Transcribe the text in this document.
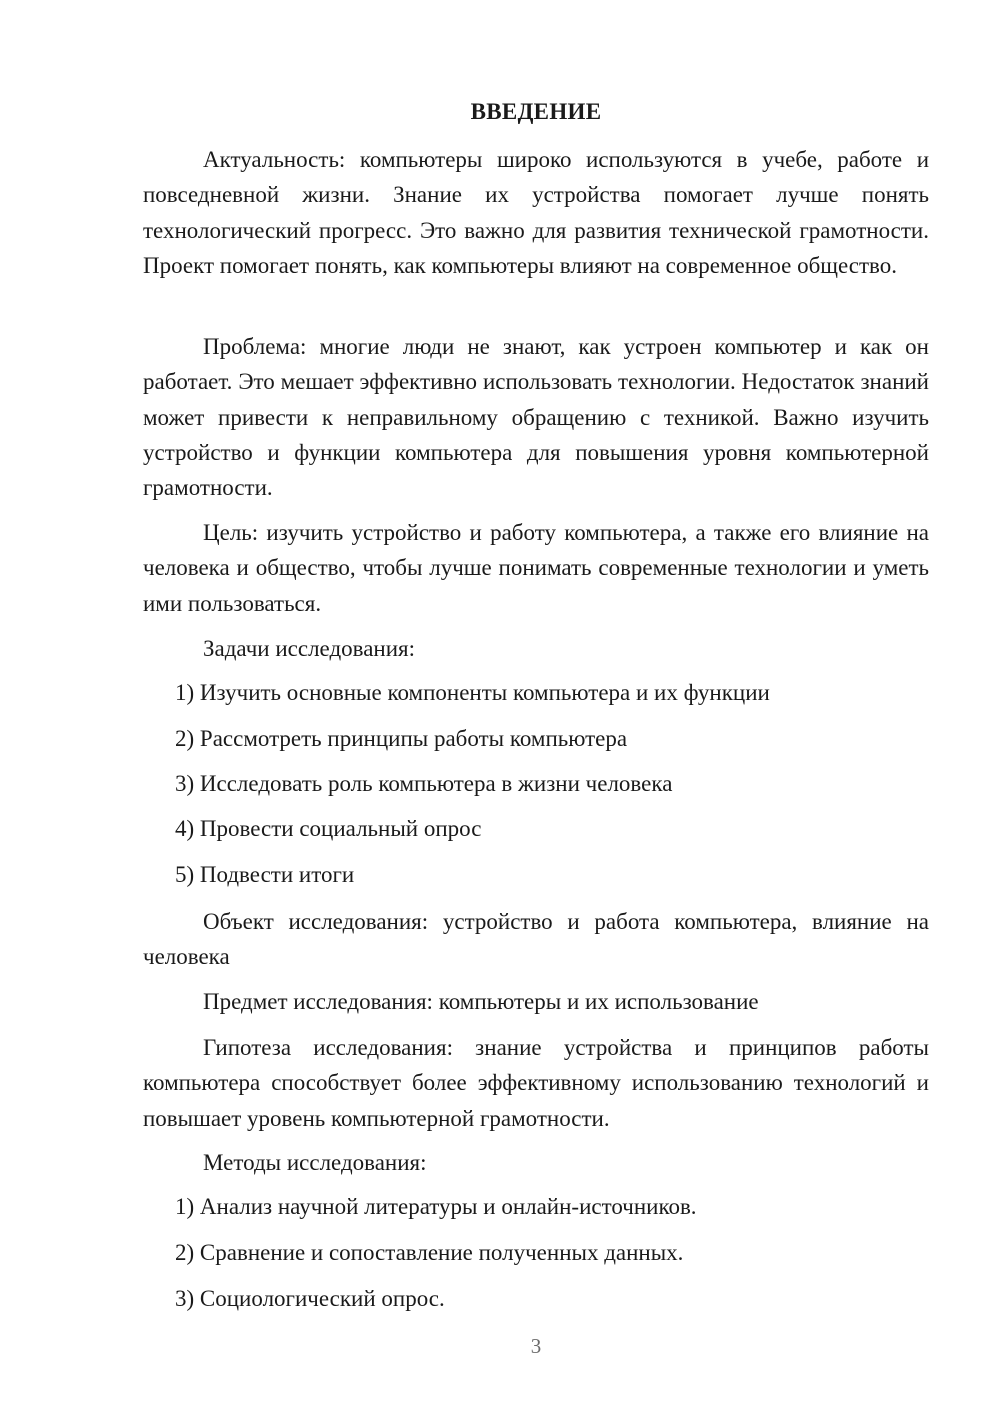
ВВЕДЕНИЕ

Актуальность: компьютеры широко используются в учебе, работе и повседневной жизни. Знание их устройства помогает лучше понять технологический прогресс. Это важно для развития технической грамотности. Проект помогает понять, как компьютеры влияют на современное общество.

Проблема: многие люди не знают, как устроен компьютер и как он работает. Это мешает эффективно использовать технологии. Недостаток знаний может привести к неправильному обращению с техникой. Важно изучить устройство и функции компьютера для повышения уровня компьютерной грамотности.

Цель: изучить устройство и работу компьютера, а также его влияние на человека и общество, чтобы лучше понимать современные технологии и уметь ими пользоваться.

Задачи исследования:

1) Изучить основные компоненты компьютера и их функции

2) Рассмотреть принципы работы компьютера

3) Исследовать роль компьютера в жизни человека

4) Провести социальный опрос

5) Подвести итоги

Объект исследования: устройство и работа компьютера, влияние на человека

Предмет исследования: компьютеры и их использование

Гипотеза исследования: знание устройства и принципов работы компьютера способствует более эффективному использованию технологий и повышает уровень компьютерной грамотности.

Методы исследования:

1) Анализ научной литературы и онлайн-источников.

2) Сравнение и сопоставление полученных данных.

3) Социологический опрос.

3
